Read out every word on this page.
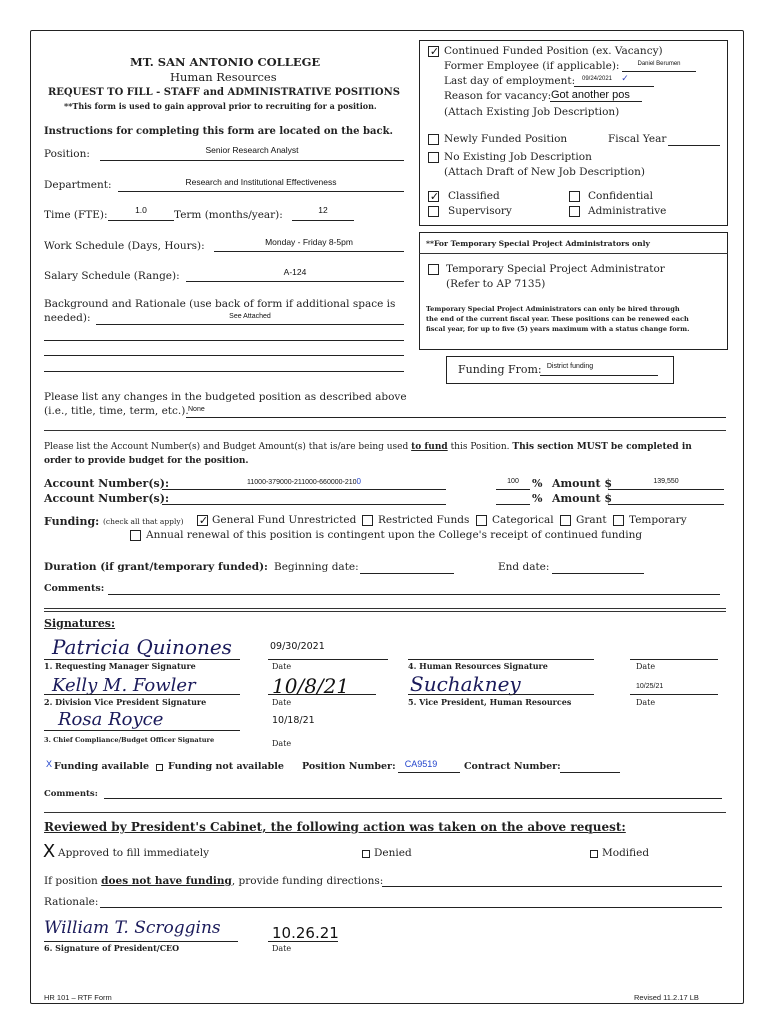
MT. SAN ANTONIO COLLEGE
Human Resources
REQUEST TO FILL - STAFF and ADMINISTRATIVE POSITIONS
**This form is used to gain approval prior to recruiting for a position.
Instructions for completing this form are located on the back.
Position:	Senior Research Analyst
Department:	Research and Institutional Effectiveness
Time (FTE):	1.0	Term (months/year):	12
Work Schedule (Days, Hours):	Monday - Friday 8-5pm
Salary Schedule (Range):	A-124
Background and Rationale (use back of form if additional space is
needed):	See Attached
✓ Continued Funded Position (ex. Vacancy)
Former Employee (if applicable):	Daniel Berumen
Last day of employment:	09/24/2021	✓
Reason for vacancy: Got another pos
(Attach Existing Job Description)
Newly Funded Position	Fiscal Year
No Existing Job Description
(Attach Draft of New Job Description)
✓ Classified	Confidential
Supervisory	Administrative
**For Temporary Special Project Administrators only
Temporary Special Project Administrator
(Refer to AP 7135)
Temporary Special Project Administrators can only be hired through
the end of the current fiscal year. These positions can be renewed each
fiscal year, for up to five (5) years maximum with a status change form.
Funding From: District funding
Please list any changes in the budgeted position as described above
(i.e., title, time, term, etc.). None
Please list the Account Number(s) and Budget Amount(s) that is/are being used to fund this Position. This section MUST be completed in
order to provide budget for the position.
Account Number(s):	11000-379000-211000-660000-2100	100	% Amount $	139,550
Account Number(s):	% Amount $
Funding: (check all that apply) ✓ General Fund Unrestricted Restricted Funds Categorical Grant Temporary
Annual renewal of this position is contingent upon the College's receipt of continued funding
Duration (if grant/temporary funded): Beginning date:	End date:
Comments:
Signatures:
Patricia Quinones	09/30/2021
1. Requesting Manager Signature	Date	4. Human Resources Signature	Date
Kelly M. Fowler	10/8/21	Suchakney	10/25/21
2. Division Vice President Signature	Date	5. Vice President, Human Resources	Date
Rosa Royce	10/18/21
3. Chief Compliance/Budget Officer Signature	Date
X Funding available Funding not available Position Number:	CA9519	Contract Number:
Comments:
Reviewed by President's Cabinet, the following action was taken on the above request:
X Approved to fill immediately	Denied	Modified
If position does not have funding, provide funding directions:
Rationale:
William T. Scroggins	10.26.21
6. Signature of President/CEO	Date
HR 101 – RTF Form	Revised 11.2.17 LB
